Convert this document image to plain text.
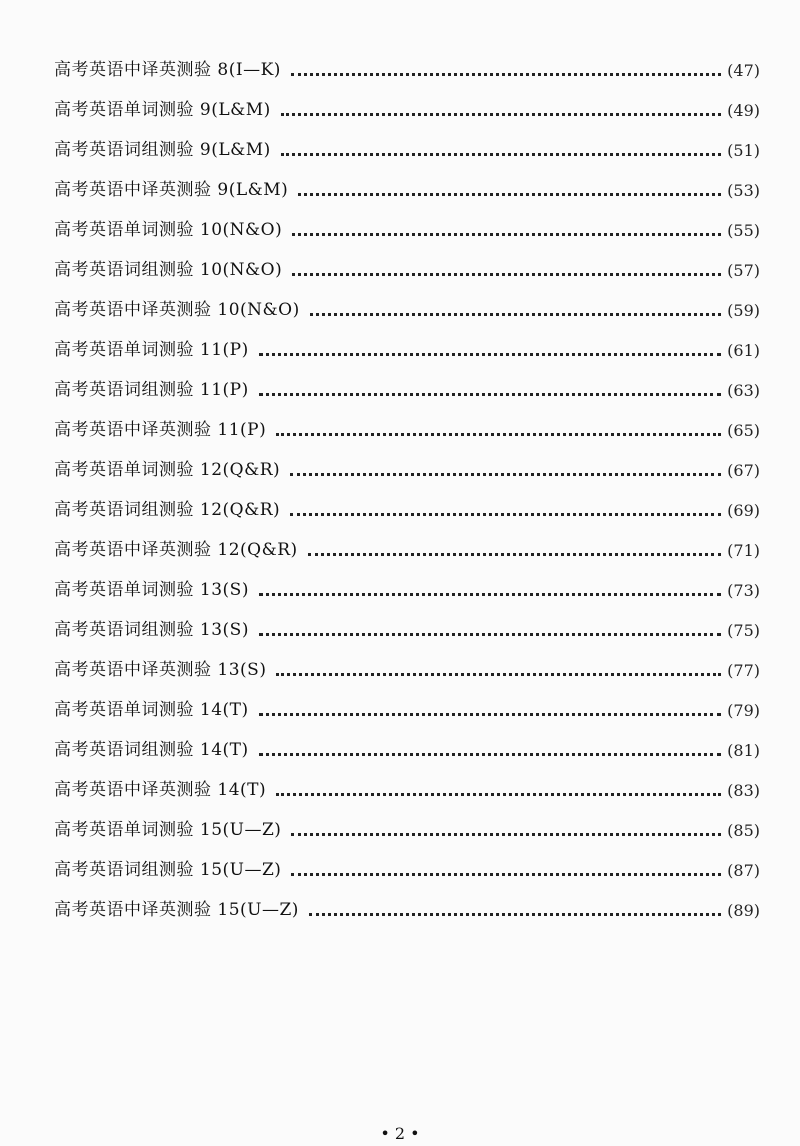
高考英语中译英测验 8(I—K)	(47)
高考英语单词测验 9(L&M)	(49)
高考英语词组测验 9(L&M)	(51)
高考英语中译英测验 9(L&M)	(53)
高考英语单词测验 10(N&O)	(55)
高考英语词组测验 10(N&O)	(57)
高考英语中译英测验 10(N&O)	(59)
高考英语单词测验 11(P)	(61)
高考英语词组测验 11(P)	(63)
高考英语中译英测验 11(P)	(65)
高考英语单词测验 12(Q&R)	(67)
高考英语词组测验 12(Q&R)	(69)
高考英语中译英测验 12(Q&R)	(71)
高考英语单词测验 13(S)	(73)
高考英语词组测验 13(S)	(75)
高考英语中译英测验 13(S)	(77)
高考英语单词测验 14(T)	(79)
高考英语词组测验 14(T)	(81)
高考英语中译英测验 14(T)	(83)
高考英语单词测验 15(U—Z)	(85)
高考英语词组测验 15(U—Z)	(87)
高考英语中译英测验 15(U—Z)	(89)
• 2 •
